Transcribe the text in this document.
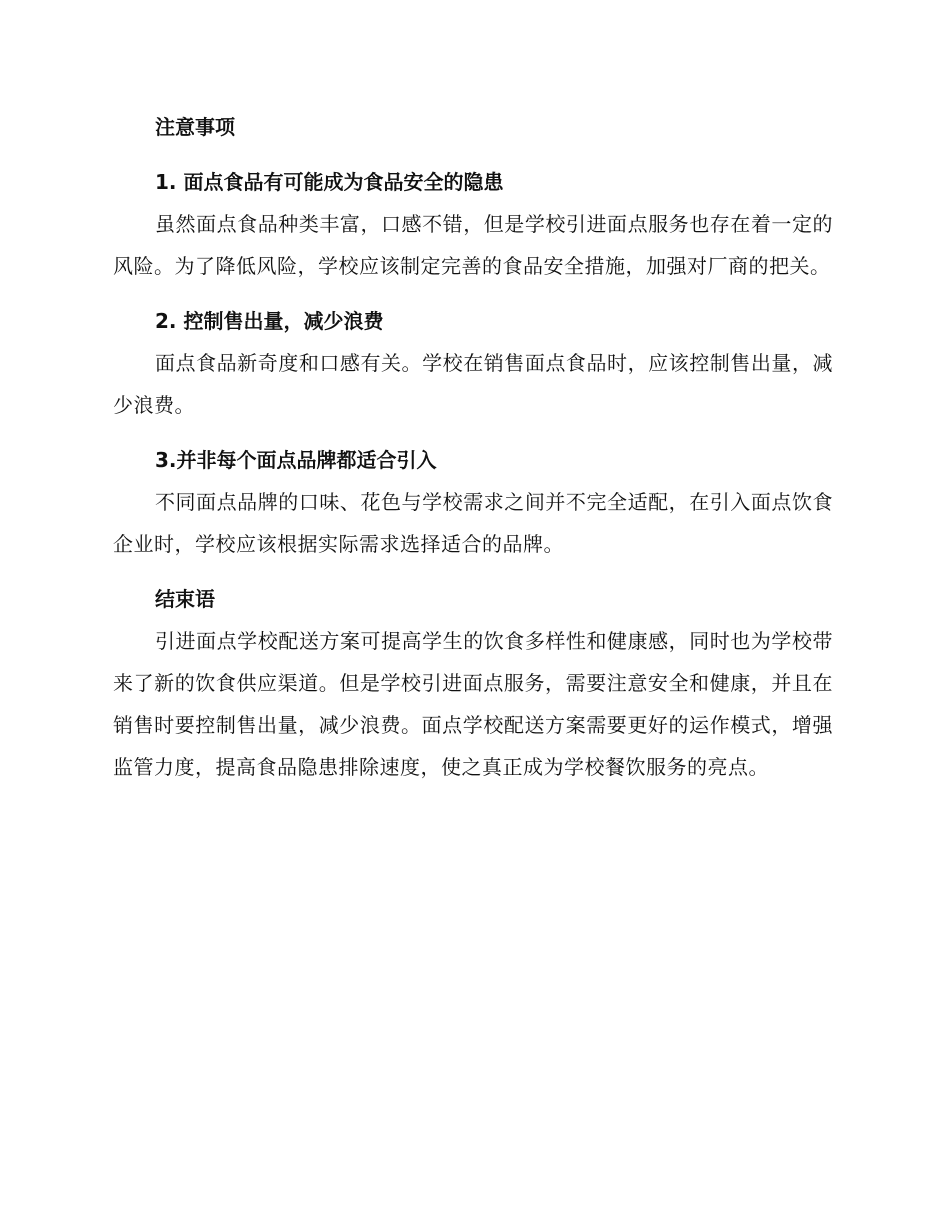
注意事项
1. 面点食品有可能成为食品安全的隐患

虽然面点食品种类丰富，口感不错，但是学校引进面点服务也存在着一定的风险。为了降低风险，学校应该制定完善的食品安全措施，加强对厂商的把关。

2. 控制售出量，减少浪费

面点食品新奇度和口感有关。学校在销售面点食品时，应该控制售出量，减少浪费。

3.并非每个面点品牌都适合引入

不同面点品牌的口味、花色与学校需求之间并不完全适配，在引入面点饮食企业时，学校应该根据实际需求选择适合的品牌。

结束语

引进面点学校配送方案可提高学生的饮食多样性和健康感，同时也为学校带来了新的饮食供应渠道。但是学校引进面点服务，需要注意安全和健康，并且在销售时要控制售出量，减少浪费。面点学校配送方案需要更好的运作模式，增强监管力度，提高食品隐患排除速度，使之真正成为学校餐饮服务的亮点。
